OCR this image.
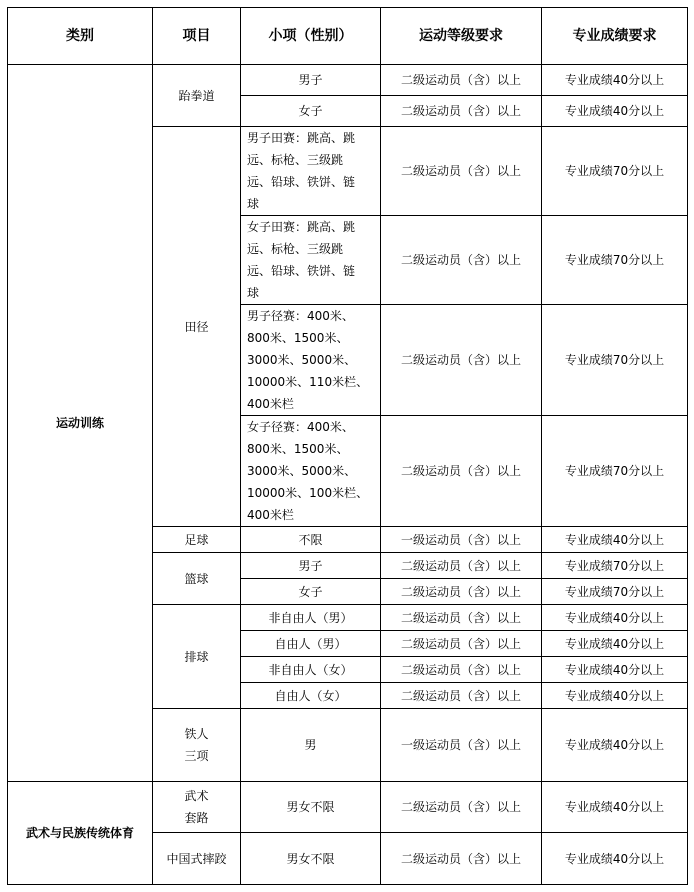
类别	项目	小项（性别）	运动等级要求	专业成绩要求
运动训练	跆拳道	男子	二级运动员（含）以上	专业成绩40分以上

		女子	二级运动员（含）以上	专业成绩40分以上
	田径	男子田赛：跳高、跳
远、标枪、三级跳
远、铅球、铁饼、链
球	二级运动员（含）以上	专业成绩70分以上

		女子田赛：跳高、跳
远、标枪、三级跳
远、铅球、铁饼、链
球	二级运动员（含）以上	专业成绩70分以上

		男子径赛：400米、
800米、1500米、
3000米、5000米、
10000米、110米栏、
400米栏	二级运动员（含）以上	专业成绩70分以上

		女子径赛：400米、
800米、1500米、
3000米、5000米、
10000米、100米栏、
400米栏	二级运动员（含）以上	专业成绩70分以上
	足球	不限	一级运动员（含）以上	专业成绩40分以上
	篮球	男子	二级运动员（含）以上	专业成绩70分以上

		女子	二级运动员（含）以上	专业成绩70分以上
	排球	非自由人（男）	二级运动员（含）以上	专业成绩40分以上

		自由人（男）	二级运动员（含）以上	专业成绩40分以上

		非自由人（女）	二级运动员（含）以上	专业成绩40分以上

		自由人（女）	二级运动员（含）以上	专业成绩40分以上

	铁人
三项	男	一级运动员（含）以上	专业成绩40分以上
武术与民族传统体育	武术
套路	男女不限	二级运动员（含）以上	专业成绩40分以上
	中国式摔跤	男女不限	二级运动员（含）以上	专业成绩40分以上
